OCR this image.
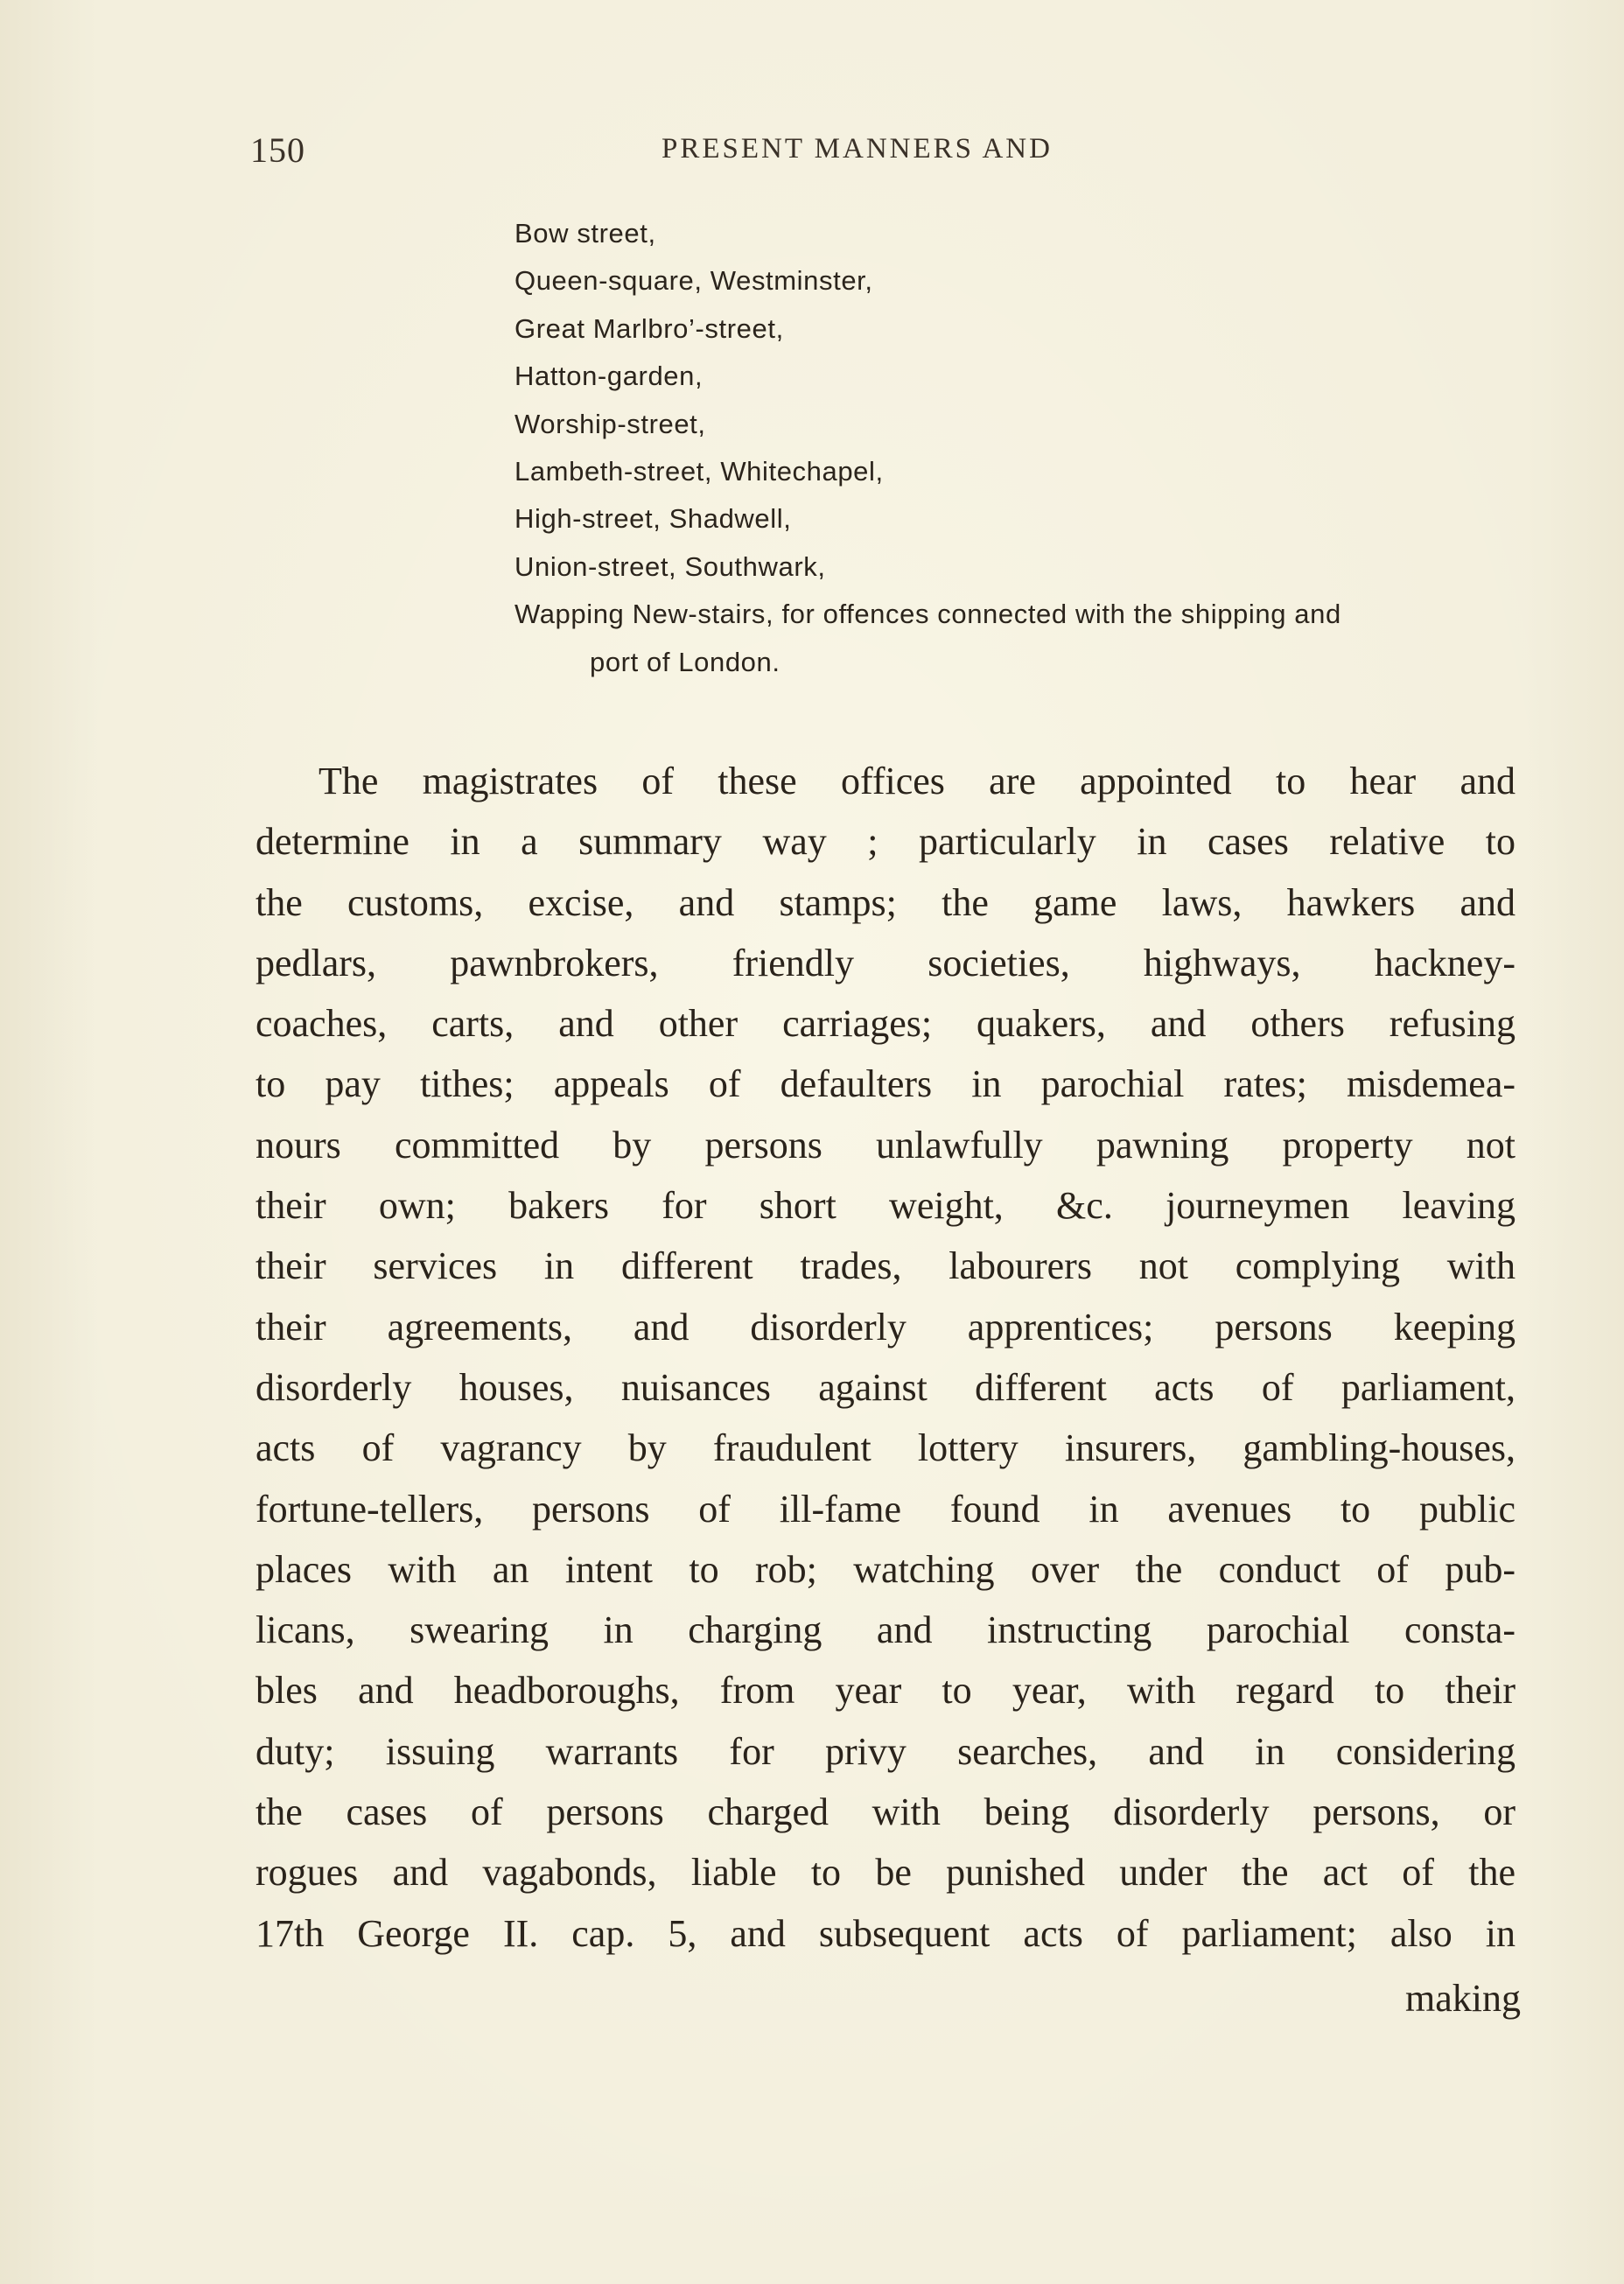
150	PRESENT MANNERS AND
Bow street,
Queen-square, Westminster,
Great Marlbro’-street,
Hatton-garden,
Worship-street,
Lambeth-street, Whitechapel,
High-street, Shadwell,
Union-street, Southwark,
Wapping New-stairs, for offences connected with the shipping and
port of London.

The magistrates of these offices are appointed to hear and

determine in a summary way ; particularly in cases relative to

the customs, excise, and stamps; the game laws, hawkers and

pedlars, pawnbrokers, friendly societies, highways, hackney-

coaches, carts, and other carriages; quakers, and others refusing

to pay tithes; appeals of defaulters in parochial rates; misdemea-

nours committed by persons unlawfully pawning property not

their own; bakers for short weight, &c. journeymen leaving

their services in different trades, labourers not complying with

their agreements, and disorderly apprentices; persons keeping

disorderly houses, nuisances against different acts of parliament,

acts of vagrancy by fraudulent lottery insurers, gambling-houses,

fortune-tellers, persons of ill-fame found in avenues to public

places with an intent to rob; watching over the conduct of pub-

licans, swearing in charging and instructing parochial consta-

bles and headboroughs, from year to year, with regard to their

duty; issuing warrants for privy searches, and in considering

the cases of persons charged with being disorderly persons, or

rogues and vagabonds, liable to be punished under the act of the

17th George II. cap. 5, and subsequent acts of parliament; also in

making
